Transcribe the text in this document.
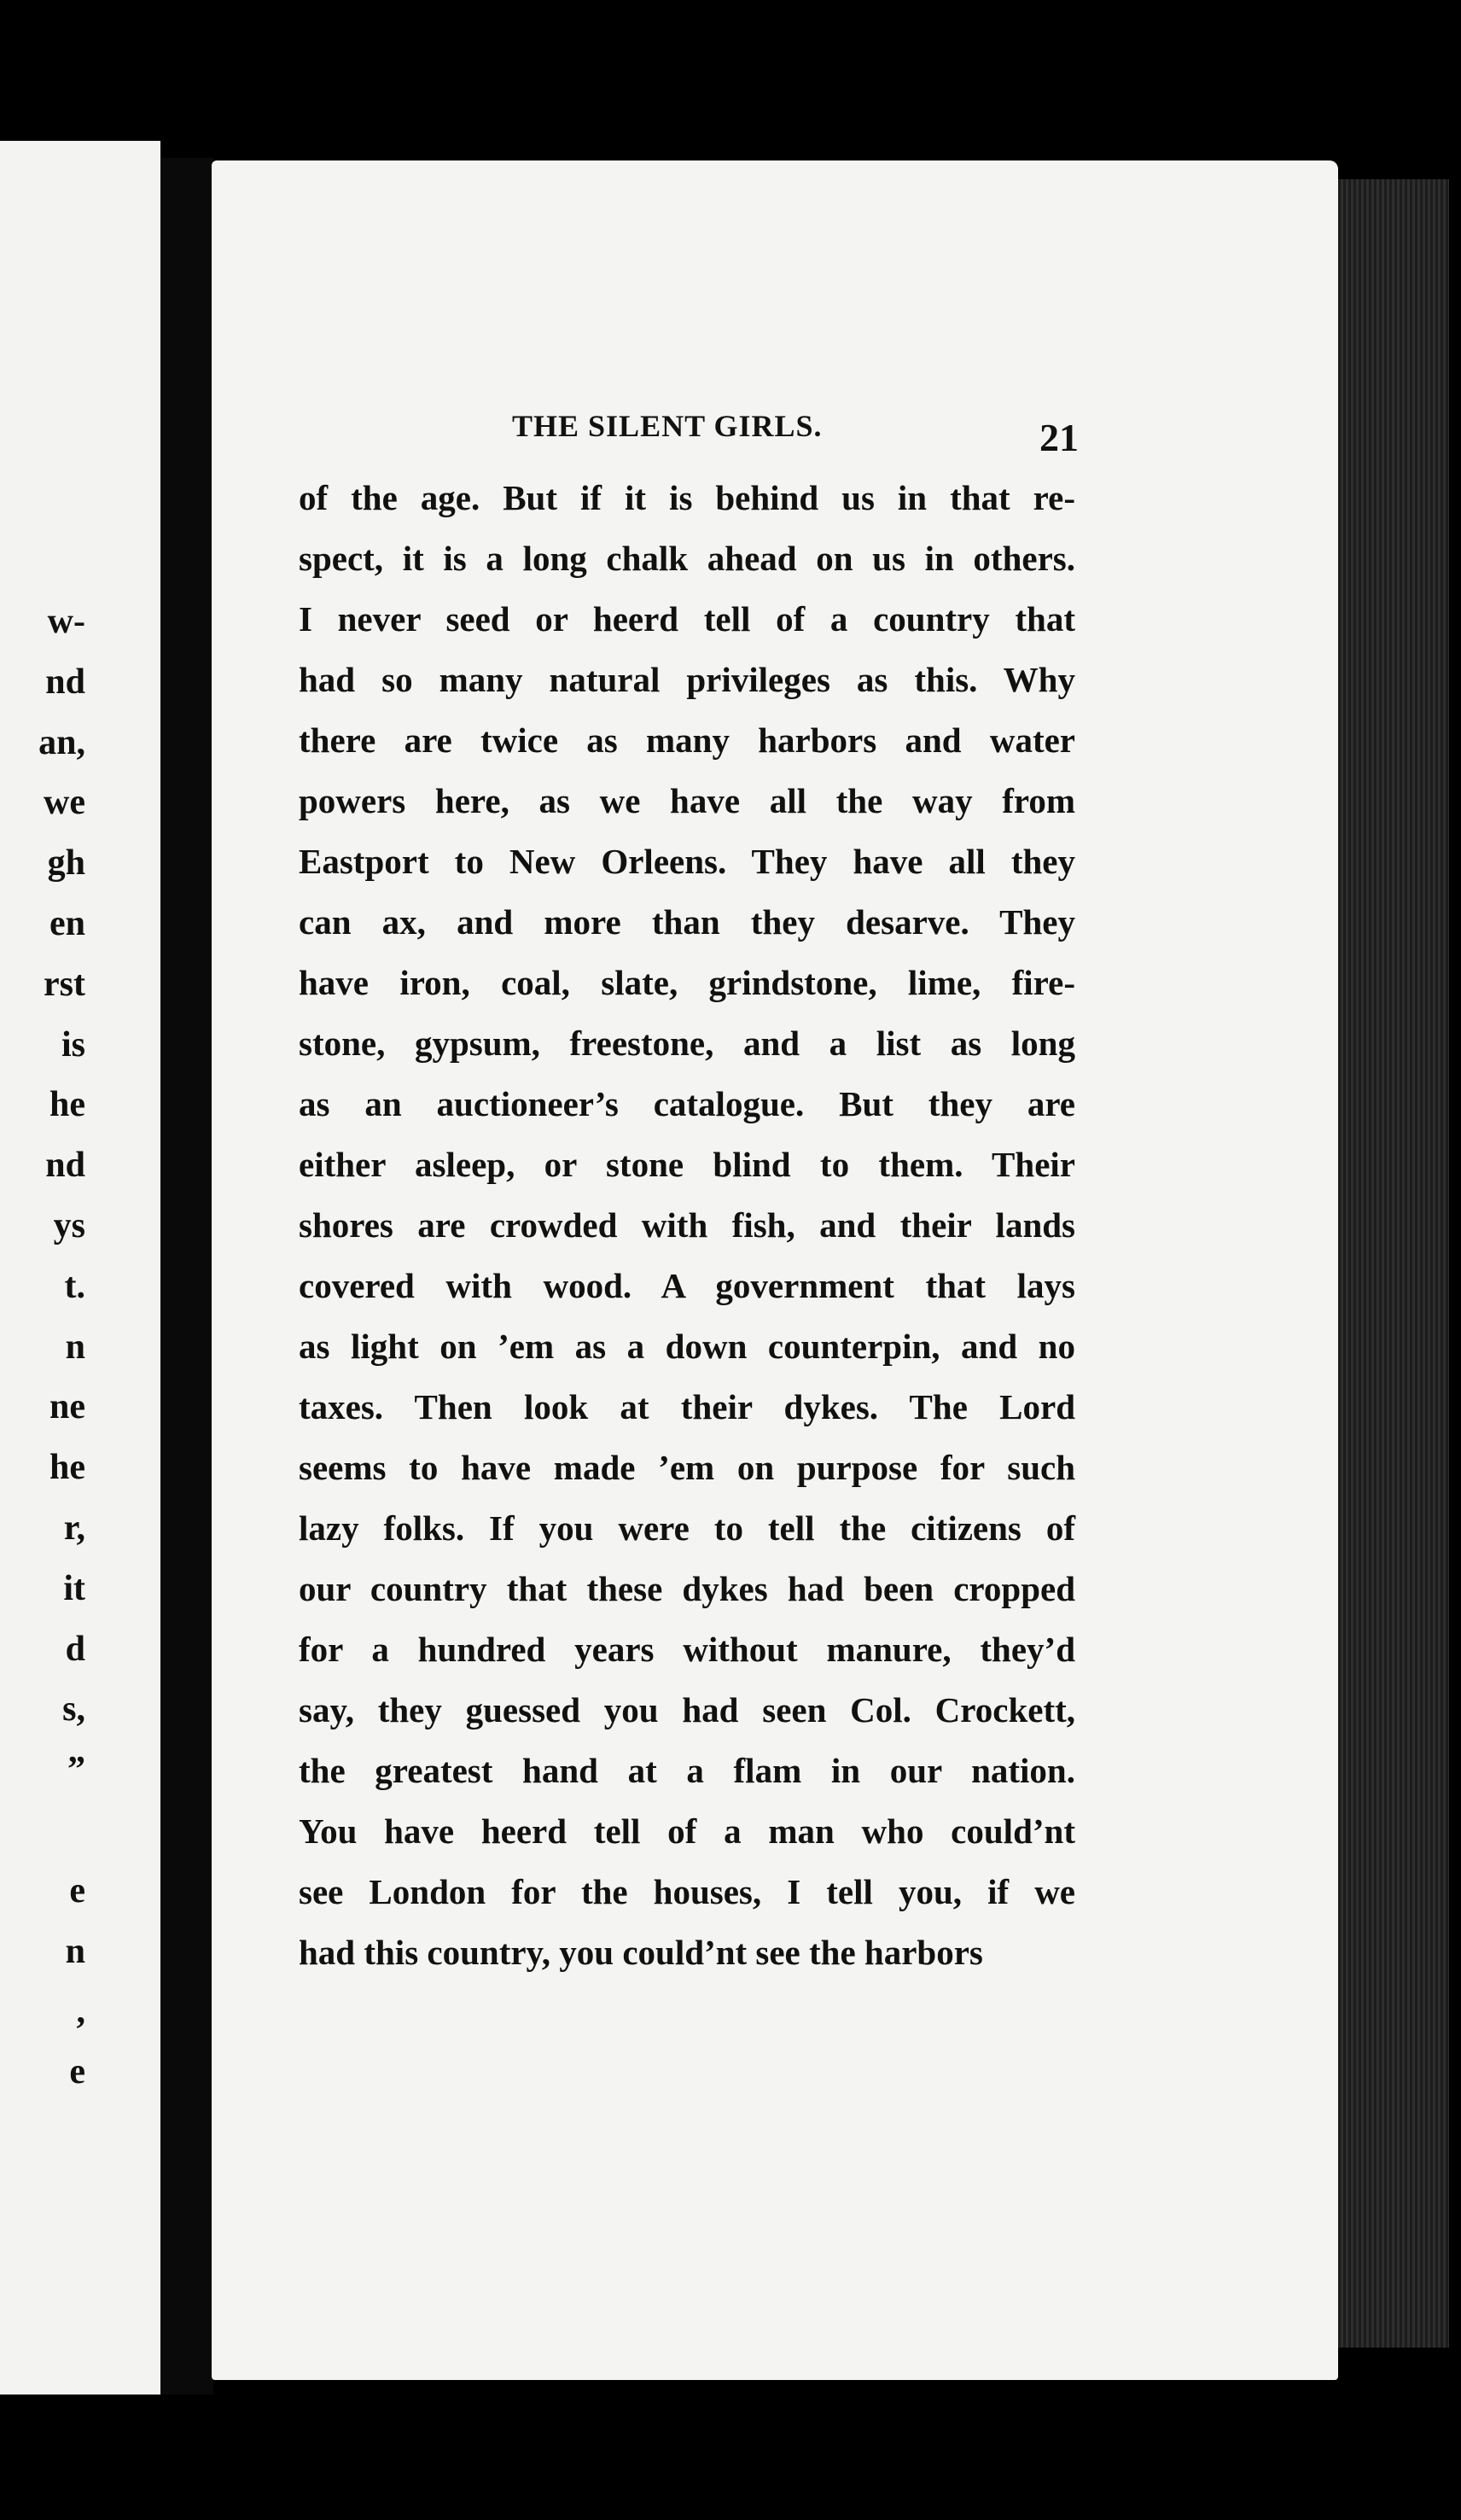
w-
nd
an,
we
gh
en
rst
is
he
nd
ys
t.
n
ne
he
r,
it
d
s,
”
e
n
,
e
THE SILENT GIRLS.	21
of the age. But if it is behind us in that re-
spect, it is a long chalk ahead on us in others.
I never seed or heerd tell of a country that
had so many natural privileges as this. Why
there are twice as many harbors and water
powers here, as we have all the way from
Eastport to New Orleens. They have all they
can ax, and more than they desarve. They
have iron, coal, slate, grindstone, lime, fire-
stone, gypsum, freestone, and a list as long
as an auctioneer’s catalogue. But they are
either asleep, or stone blind to them. Their
shores are crowded with fish, and their lands
covered with wood. A government that lays
as light on ’em as a down counterpin, and no
taxes. Then look at their dykes. The Lord
seems to have made ’em on purpose for such
lazy folks. If you were to tell the citizens of
our country that these dykes had been cropped
for a hundred years without manure, they’d
say, they guessed you had seen Col. Crockett,
the greatest hand at a flam in our nation.
You have heerd tell of a man who could’nt
see London for the houses, I tell you, if we
had this country, you could’nt see the harbors
